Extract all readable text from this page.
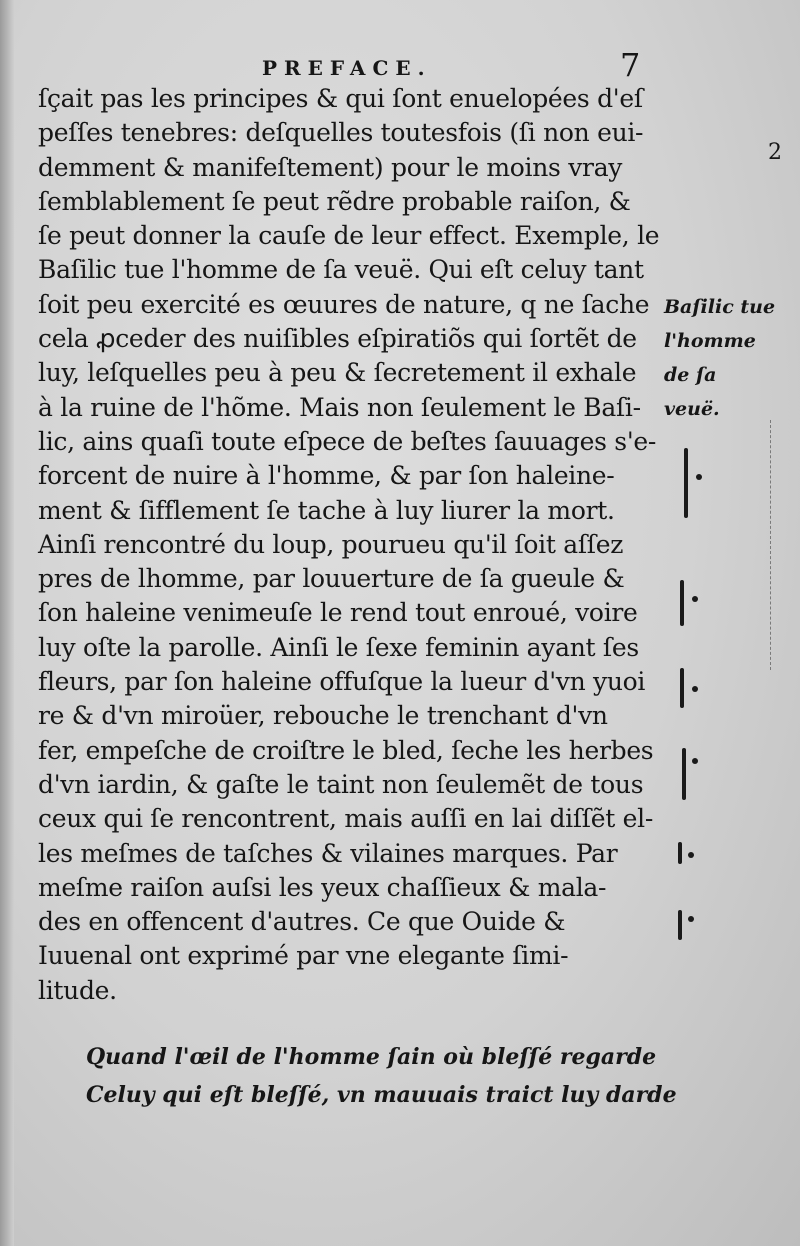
PREFACE.	7
2
ſçait pas les principes & qui ſont enuelopées d'eſ
peſſes tenebres: deſquelles toutesfois (ſi non eui-
demment & manifeſtement) pour le moins vray
ſemblablement ſe peut rẽdre probable raiſon, &
ſe peut donner la cauſe de leur effect. Exemple, le
Baſilic tue l'homme de ſa veuë. Qui eſt celuy tant
ſoit peu exercité es œuures de nature, q ne ſache
cela ꝓceder des nuiſibles eſpiratiõs qui ſortẽt de
luy, leſquelles peu à peu & ſecretement il exhale
à la ruine de l'hõme. Mais non ſeulement le Baſi-
lic, ains quaſi toute eſpece de beſtes ſauuages s'e-
forcent de nuire à l'homme, & par ſon haleine-
ment & ſifflement ſe tache à luy liurer la mort.
Ainſi rencontré du loup, pourueu qu'il ſoit aſſez
pres de lhomme, par louuerture de ſa gueule &
ſon haleine venimeuſe le rend tout enroué, voire
luy oſte la parolle. Ainſi le ſexe feminin ayant ſes
fleurs, par ſon haleine offuſque la lueur d'vn yuoi
re & d'vn miroüer, rebouche le trenchant d'vn
fer, empeſche de croiſtre le bled, ſeche les herbes
d'vn iardin, & gaſte le taint non ſeulemẽt de tous
ceux qui ſe rencontrent, mais auſſi en lai diſſẽt el-
les meſmes de taſches & vilaines marques. Par
meſme raiſon auſsi les yeux chaſſieux & mala-
des en offencent d'autres. Ce que Ouide &
Iuuenal ont exprimé par vne elegante ſimi-
litude.
Baſilic tue
l'homme
de ſa
veuë.
Quand l'œil de l'homme ſain où bleſſé regarde
Celuy qui eſt bleſſé, vn mauuais traict luy darde
